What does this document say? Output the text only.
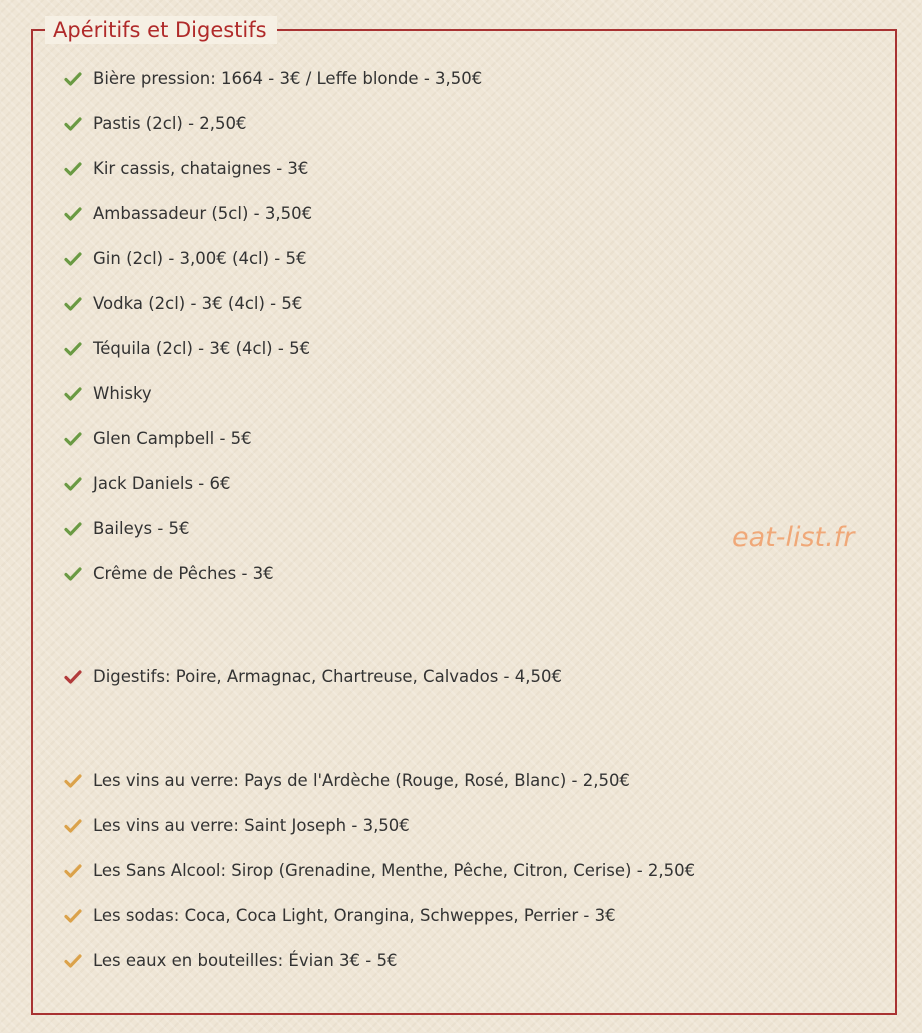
Apéritifs et Digestifs
Bière pression: 1664 - 3€ / Leffe blonde - 3,50€
Pastis (2cl) - 2,50€
Kir cassis, chataignes - 3€
Ambassadeur (5cl) - 3,50€
Gin (2cl) - 3,00€ (4cl) - 5€
Vodka (2cl) - 3€ (4cl) - 5€
Téquila (2cl) - 3€ (4cl) - 5€
Whisky
Glen Campbell - 5€
Jack Daniels - 6€
Baileys - 5€
Crême de Pêches - 3€
Digestifs: Poire, Armagnac, Chartreuse, Calvados - 4,50€
Les vins au verre: Pays de l'Ardèche (Rouge, Rosé, Blanc) - 2,50€
Les vins au verre: Saint Joseph - 3,50€
Les Sans Alcool: Sirop (Grenadine, Menthe, Pêche, Citron, Cerise) - 2,50€
Les sodas: Coca, Coca Light, Orangina, Schweppes, Perrier - 3€
Les eaux en bouteilles: Évian 3€ - 5€
eat-list.fr
